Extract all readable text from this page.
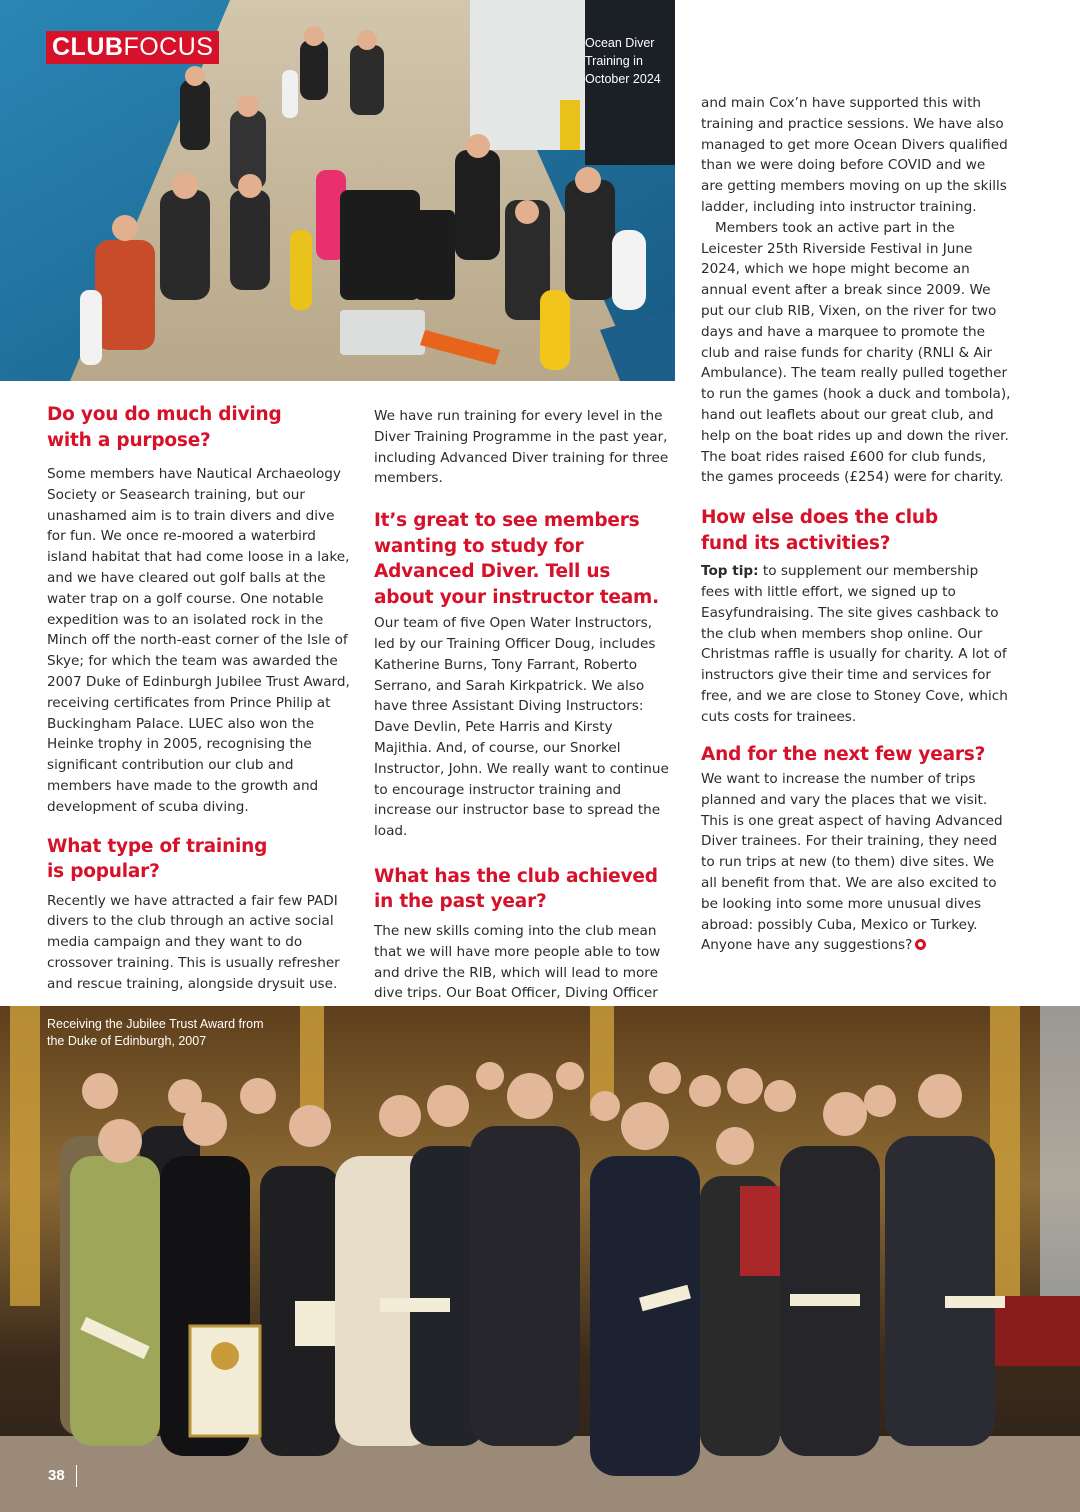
CLUBFOCUS	Ocean Diver Training in October 2024
Do you do much diving with a purpose?

Some members have Nautical Archaeology Society or Seasearch training, but our unashamed aim is to train divers and dive for fun. We once re-moored a waterbird island habitat that had come loose in a lake, and we have cleared out golf balls at the water trap on a golf course. One notable expedition was to an isolated rock in the Minch off the north-east corner of the Isle of Skye; for which the team was awarded the 2007 Duke of Edinburgh Jubilee Trust Award, receiving certificates from Prince Philip at Buckingham Palace. LUEC also won the Heinke trophy in 2005, recognising the significant contribution our club and members have made to the growth and development of scuba diving.

What type of training is popular?

Recently we have attracted a fair few PADI divers to the club through an active social media campaign and they want to do crossover training. This is usually refresher and rescue training, alongside drysuit use.

We have run training for every level in the Diver Training Programme in the past year, including Advanced Diver training for three members.

It’s great to see members wanting to study for Advanced Diver. Tell us about your instructor team.

Our team of five Open Water Instructors, led by our Training Officer Doug, includes Katherine Burns, Tony Farrant, Roberto Serrano, and Sarah Kirkpatrick. We also have three Assistant Diving Instructors: Dave Devlin, Pete Harris and Kirsty Majithia. And, of course, our Snorkel Instructor, John. We really want to continue to encourage instructor training and increase our instructor base to spread the load.

What has the club achieved in the past year?

The new skills coming into the club mean that we will have more people able to tow and drive the RIB, which will lead to more dive trips. Our Boat Officer, Diving Officer

and main Cox’n have supported this with training and practice sessions. We have also managed to get more Ocean Divers qualified than we were doing before COVID and we are getting members moving on up the skills ladder, including into instructor training.

Members took an active part in the Leicester 25th Riverside Festival in June 2024, which we hope might become an annual event after a break since 2009. We put our club RIB, Vixen, on the river for two days and have a marquee to promote the club and raise funds for charity (RNLI & Air Ambulance). The team really pulled together to run the games (hook a duck and tombola), hand out leaflets about our great club, and help on the boat rides up and down the river. The boat rides raised £600 for club funds, the games proceeds (£254) were for charity.

How else does the club fund its activities?

Top tip: to supplement our membership fees with little effort, we signed up to Easyfundraising. The site gives cashback to the club when members shop online. Our Christmas raffle is usually for charity. A lot of instructors give their time and services for free, and we are close to Stoney Cove, which cuts costs for trainees.

And for the next few years?

We want to increase the number of trips planned and vary the places that we visit. This is one great aspect of having Advanced Diver trainees. For their training, they need to run trips at new (to them) dive sites. We all benefit from that. We are also excited to be looking into some more unusual dives abroad: possibly Cuba, Mexico or Turkey. Anyone have any suggestions?

Receiving the Jubilee Trust Award from the Duke of Edinburgh, 2007
38
